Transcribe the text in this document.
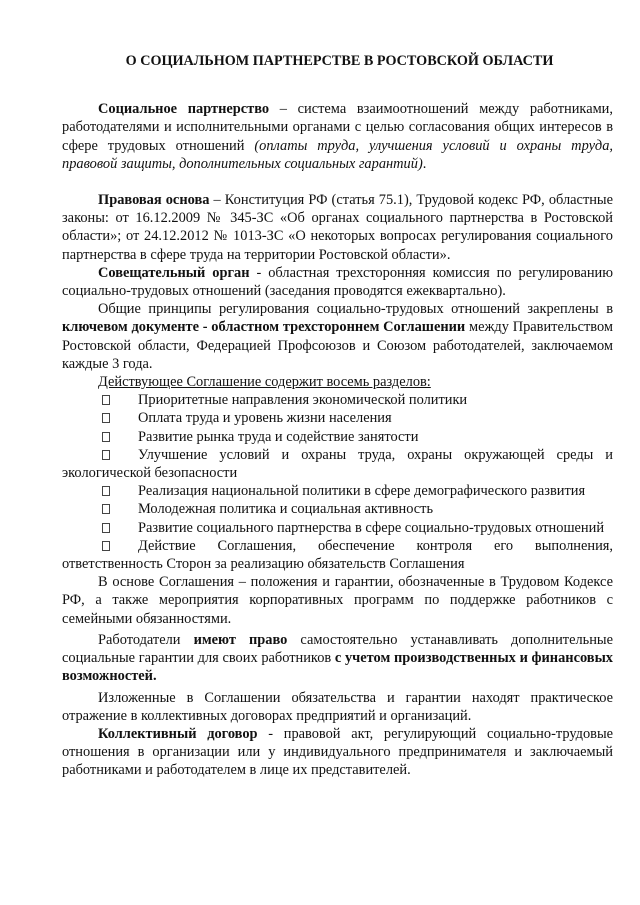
О СОЦИАЛЬНОМ ПАРТНЕРСТВЕ В РОСТОВСКОЙ ОБЛАСТИ

Социальное партнерство – система взаимоотношений между работниками, работодателями и исполнительными органами с целью согласования общих интересов в сфере трудовых отношений (оплаты труда, улучшения условий и охраны труда, правовой защиты, дополнительных социальных гарантий).

Правовая основа – Конституция РФ (статья 75.1), Трудовой кодекс РФ, областные законы: от 16.12.2009 № 345-ЗС «Об органах социального партнерства в Ростовской области»; от 24.12.2012 № 1013-ЗС «О некоторых вопросах регулирования социального партнерства в сфере труда на территории Ростовской области».

Совещательный орган - областная трехсторонняя комиссия по регулированию социально-трудовых отношений (заседания проводятся ежеквартально).

Общие принципы регулирования социально-трудовых отношений закреплены в ключевом документе - областном трехстороннем Соглашении между Правительством Ростовской области, Федерацией Профсоюзов и Союзом работодателей, заключаемом каждые 3 года.

Действующее Соглашение содержит восемь разделов:

Приоритетные направления экономической политики
Оплата труда и уровень жизни населения
Развитие рынка труда и содействие занятости
Улучшение условий и охраны труда, охраны окружающей среды и экологической безопасности
Реализация национальной политики в сфере демографического развития
Молодежная политика и социальная активность
Развитие социального партнерства в сфере социально-трудовых отношений
Действие Соглашения, обеспечение контроля его выполнения, ответственность Сторон за реализацию обязательств Соглашения

В основе Соглашения – положения и гарантии, обозначенные в Трудовом Кодексе РФ, а также мероприятия корпоративных программ по поддержке работников с семейными обязанностями.

Работодатели имеют право самостоятельно устанавливать дополнительные социальные гарантии для своих работников с учетом производственных и финансовых возможностей.

Изложенные в Соглашении обязательства и гарантии находят практическое отражение в коллективных договорах предприятий и организаций.

Коллективный договор - правовой акт, регулирующий социально-трудовые отношения в организации или у индивидуального предпринимателя и заключаемый работниками и работодателем в лице их представителей.
